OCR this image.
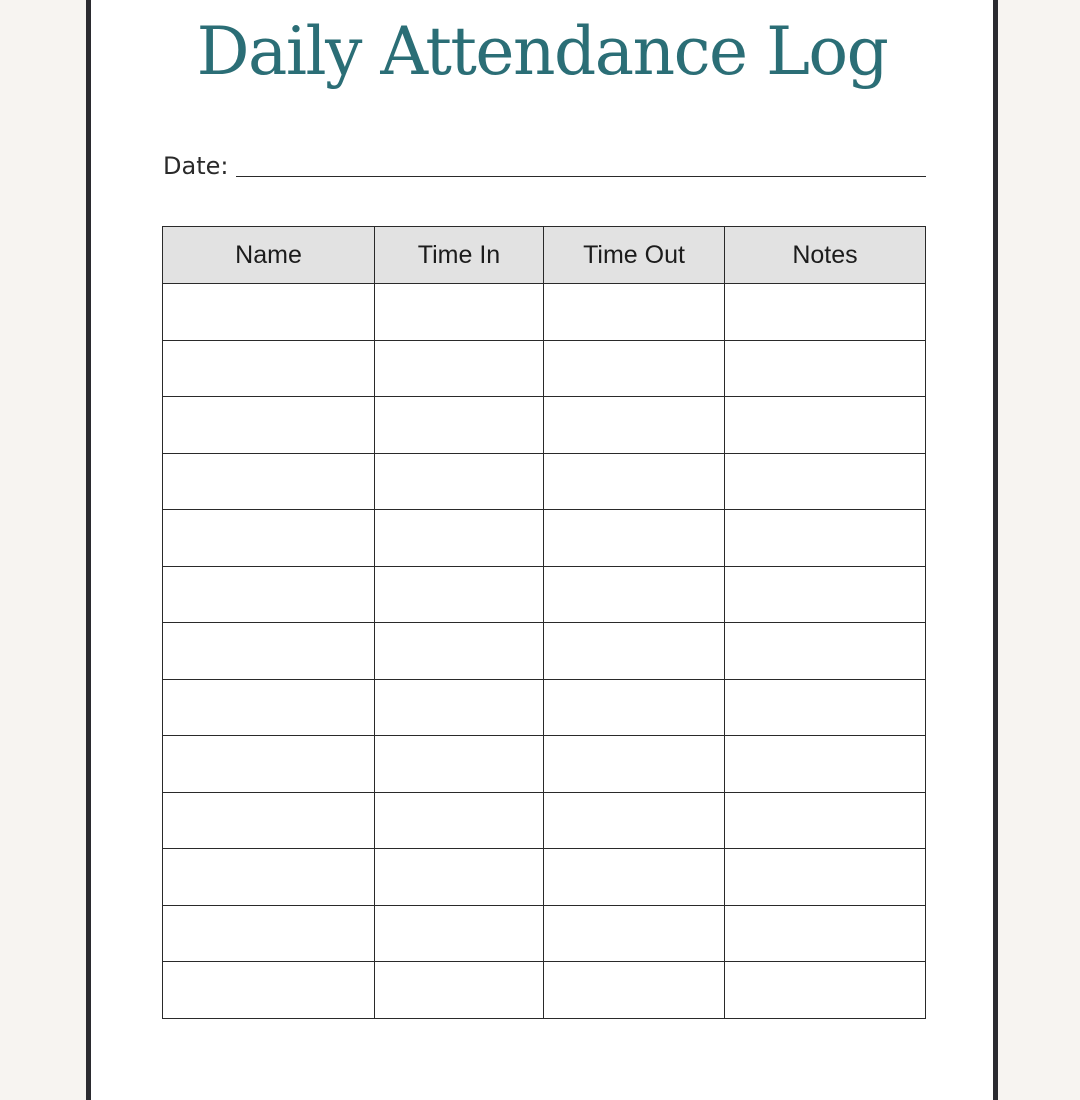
Daily Attendance Log
Date:
Name	Time In	Time Out	Notes
